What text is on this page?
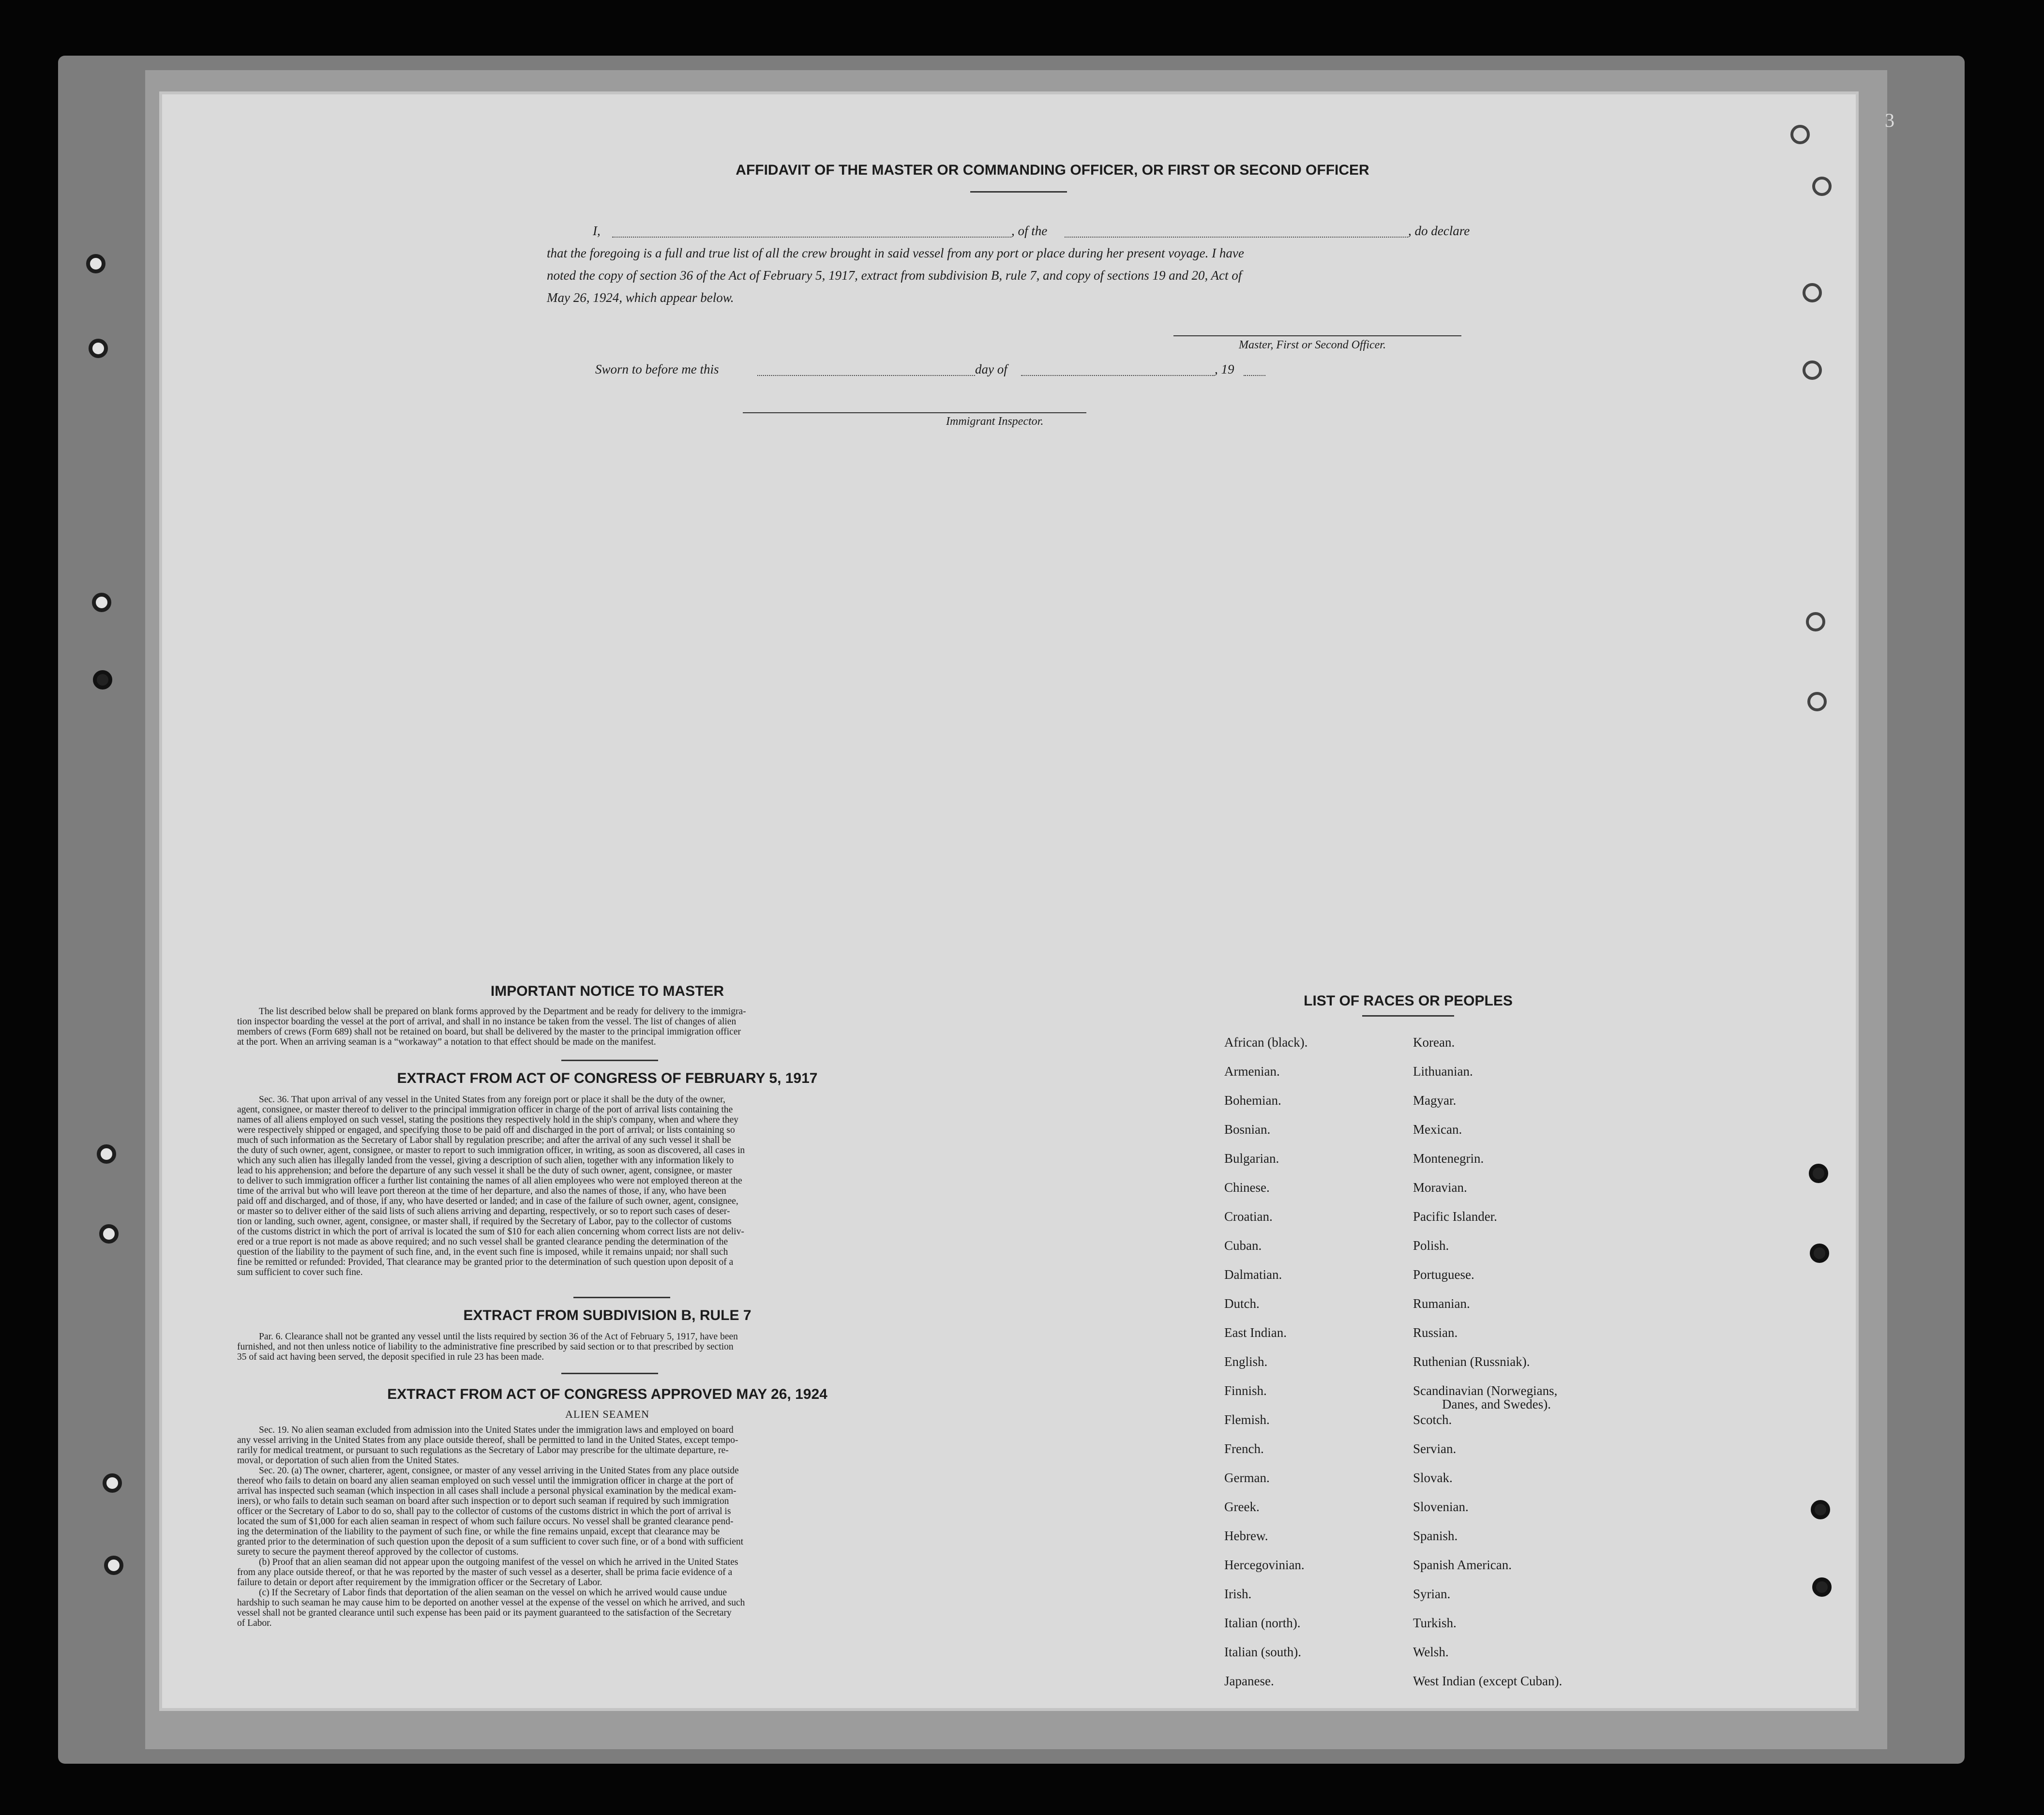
3
AFFIDAVIT OF THE MASTER OR COMMANDING OFFICER, OR FIRST OR SECOND OFFICER
I,	, of the	, do declare
that the foregoing is a full and true list of all the crew brought in said vessel from any port or place during her present voyage. I have
noted the copy of section 36 of the Act of February 5, 1917, extract from subdivision B, rule 7, and copy of sections 19 and 20, Act of
May 26, 1924, which appear below.
Master, First or Second Officer.
Sworn to before me this	day of	, 19
Immigrant Inspector.
IMPORTANT NOTICE TO MASTER
The list described below shall be prepared on blank forms approved by the Department and be ready for delivery to the immigra-
tion inspector boarding the vessel at the port of arrival, and shall in no instance be taken from the vessel. The list of changes of alien
members of crews (Form 689) shall not be retained on board, but shall be delivered by the master to the principal immigration officer
at the port. When an arriving seaman is a “workaway” a notation to that effect should be made on the manifest.
EXTRACT FROM ACT OF CONGRESS OF FEBRUARY 5, 1917
Sec. 36. That upon arrival of any vessel in the United States from any foreign port or place it shall be the duty of the owner,
agent, consignee, or master thereof to deliver to the principal immigration officer in charge of the port of arrival lists containing the
names of all aliens employed on such vessel, stating the positions they respectively hold in the ship's company, when and where they
were respectively shipped or engaged, and specifying those to be paid off and discharged in the port of arrival; or lists containing so
much of such information as the Secretary of Labor shall by regulation prescribe; and after the arrival of any such vessel it shall be
the duty of such owner, agent, consignee, or master to report to such immigration officer, in writing, as soon as discovered, all cases in
which any such alien has illegally landed from the vessel, giving a description of such alien, together with any information likely to
lead to his apprehension; and before the departure of any such vessel it shall be the duty of such owner, agent, consignee, or master
to deliver to such immigration officer a further list containing the names of all alien employees who were not employed thereon at the
time of the arrival but who will leave port thereon at the time of her departure, and also the names of those, if any, who have been
paid off and discharged, and of those, if any, who have deserted or landed; and in case of the failure of such owner, agent, consignee,
or master so to deliver either of the said lists of such aliens arriving and departing, respectively, or so to report such cases of deser-
tion or landing, such owner, agent, consignee, or master shall, if required by the Secretary of Labor, pay to the collector of customs
of the customs district in which the port of arrival is located the sum of $10 for each alien concerning whom correct lists are not deliv-
ered or a true report is not made as above required; and no such vessel shall be granted clearance pending the determination of the
question of the liability to the payment of such fine, and, in the event such fine is imposed, while it remains unpaid; nor shall such
fine be remitted or refunded: Provided, That clearance may be granted prior to the determination of such question upon deposit of a
sum sufficient to cover such fine.
EXTRACT FROM SUBDIVISION B, RULE 7
Par. 6. Clearance shall not be granted any vessel until the lists required by section 36 of the Act of February 5, 1917, have been
furnished, and not then unless notice of liability to the administrative fine prescribed by said section or to that prescribed by section
35 of said act having been served, the deposit specified in rule 23 has been made.
EXTRACT FROM ACT OF CONGRESS APPROVED MAY 26, 1924
ALIEN SEAMEN
Sec. 19. No alien seaman excluded from admission into the United States under the immigration laws and employed on board
any vessel arriving in the United States from any place outside thereof, shall be permitted to land in the United States, except tempo-
rarily for medical treatment, or pursuant to such regulations as the Secretary of Labor may prescribe for the ultimate departure, re-
moval, or deportation of such alien from the United States.
Sec. 20. (a) The owner, charterer, agent, consignee, or master of any vessel arriving in the United States from any place outside
thereof who fails to detain on board any alien seaman employed on such vessel until the immigration officer in charge at the port of
arrival has inspected such seaman (which inspection in all cases shall include a personal physical examination by the medical exam-
iners), or who fails to detain such seaman on board after such inspection or to deport such seaman if required by such immigration
officer or the Secretary of Labor to do so, shall pay to the collector of customs of the customs district in which the port of arrival is
located the sum of $1,000 for each alien seaman in respect of whom such failure occurs. No vessel shall be granted clearance pend-
ing the determination of the liability to the payment of such fine, or while the fine remains unpaid, except that clearance may be
granted prior to the determination of such question upon the deposit of a sum sufficient to cover such fine, or of a bond with sufficient
surety to secure the payment thereof approved by the collector of customs.
(b) Proof that an alien seaman did not appear upon the outgoing manifest of the vessel on which he arrived in the United States
from any place outside thereof, or that he was reported by the master of such vessel as a deserter, shall be prima facie evidence of a
failure to detain or deport after requirement by the immigration officer or the Secretary of Labor.
(c) If the Secretary of Labor finds that deportation of the alien seaman on the vessel on which he arrived would cause undue
hardship to such seaman he may cause him to be deported on another vessel at the expense of the vessel on which he arrived, and such
vessel shall not be granted clearance until such expense has been paid or its payment guaranteed to the satisfaction of the Secretary
of Labor.
LIST OF RACES OR PEOPLES
African (black).
Armenian.
Bohemian.
Bosnian.
Bulgarian.
Chinese.
Croatian.
Cuban.
Dalmatian.
Dutch.
East Indian.
English.
Finnish.
Flemish.
French.
German.
Greek.
Hebrew.
Hercegovinian.
Irish.
Italian (north).
Italian (south).
Japanese.
Korean.
Lithuanian.
Magyar.
Mexican.
Montenegrin.
Moravian.
Pacific Islander.
Polish.
Portuguese.
Rumanian.
Russian.
Ruthenian (Russniak).
Scandinavian (Norwegians,
Danes, and Swedes).
Scotch.
Servian.
Slovak.
Slovenian.
Spanish.
Spanish American.
Syrian.
Turkish.
Welsh.
West Indian (except Cuban).
